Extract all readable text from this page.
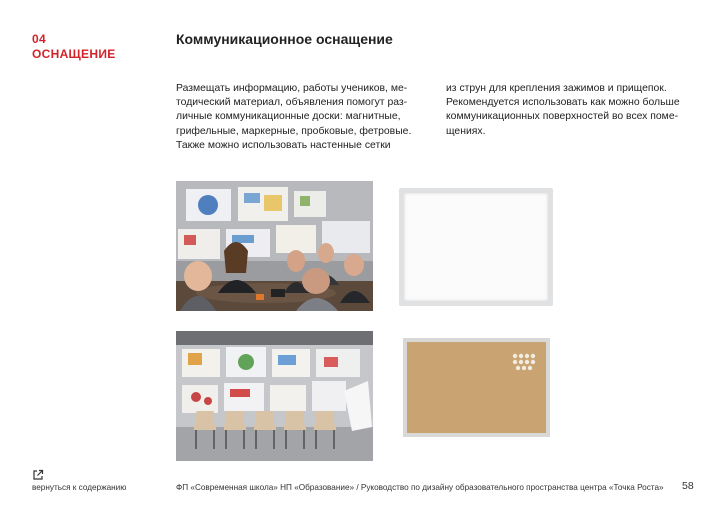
04
ОСНАЩЕНИЕ
Коммуникационное оснащение
Размещать информацию, работы учеников, ме-
тодический материал, объявления помогут раз-
личные коммуникационные доски: магнитные,
грифельные, маркерные, пробковые, фетровые.
Также можно использовать настенные сетки
из струн для крепления зажимов и прищепок.
Рекомендуется использовать как можно больше
коммуникационных поверхностей во всех поме-
щениях.
вернуться к содержанию	ФП «Современная школа» НП «Образование» / Руководство по дизайну образовательного пространства центра «Точка Роста» 58
